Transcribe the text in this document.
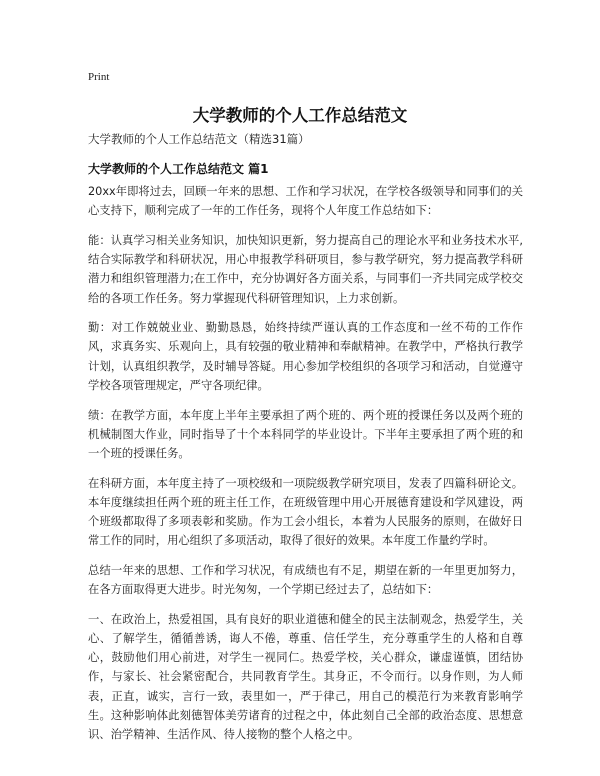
Print
大学教师的个人工作总结范文

大学教师的个人工作总结范文（精选31篇）

大学教师的个人工作总结范文 篇1

20xx年即将过去，回顾一年来的思想、工作和学习状况，在学校各级领导和同事们的关心支持下，顺利完成了一年的工作任务，现将个人年度工作总结如下：

能：认真学习相关业务知识，加快知识更新，努力提高自己的理论水平和业务技术水平,结合实际教学和科研状况，用心申报教学科研项目，参与教学研究，努力提高教学科研潜力和组织管理潜力;在工作中，充分协调好各方面关系，与同事们一齐共同完成学校交给的各项工作任务。努力掌握现代科研管理知识，上力求创新。

勤：对工作兢兢业业、勤勤恳恳，始终持续严谨认真的工作态度和一丝不苟的工作作风，求真务实、乐观向上，具有较强的敬业精神和奉献精神。在教学中，严格执行教学计划，认真组织教学，及时辅导答疑。用心参加学校组织的各项学习和活动，自觉遵守学校各项管理规定，严守各项纪律。

绩：在教学方面，本年度上半年主要承担了两个班的、两个班的授课任务以及两个班的机械制图大作业，同时指导了十个本科同学的毕业设计。下半年主要承担了两个班的和一个班的授课任务。

在科研方面，本年度主持了一项校级和一项院级教学研究项目，发表了四篇科研论文。本年度继续担任两个班的班主任工作，在班级管理中用心开展德育建设和学风建设，两个班级都取得了多项表彰和奖励。作为工会小组长，本着为人民服务的原则，在做好日常工作的同时，用心组织了多项活动，取得了很好的效果。本年度工作量约学时。

总结一年来的思想、工作和学习状况，有成绩也有不足，期望在新的一年里更加努力，在各方面取得更大进步。时光匆匆，一个学期已经过去了，总结如下：

一、在政治上，热爱祖国，具有良好的职业道德和健全的民主法制观念，热爱学生，关心、了解学生，循循善诱，诲人不倦，尊重、信任学生，充分尊重学生的人格和自尊心，鼓励他们用心前进，对学生一视同仁。热爱学校，关心群众，谦虚谨慎，团结协作，与家长、社会紧密配合，共同教育学生。其身正，不令而行。以身作则，为人师表，正直，诚实，言行一致，表里如一，严于律己，用自己的模范行为来教育影响学生。这种影响体此刻德智体美劳诸育的过程之中，体此刻自己全部的政治态度、思想意识、治学精神、生活作风、待人接物的整个人格之中。
